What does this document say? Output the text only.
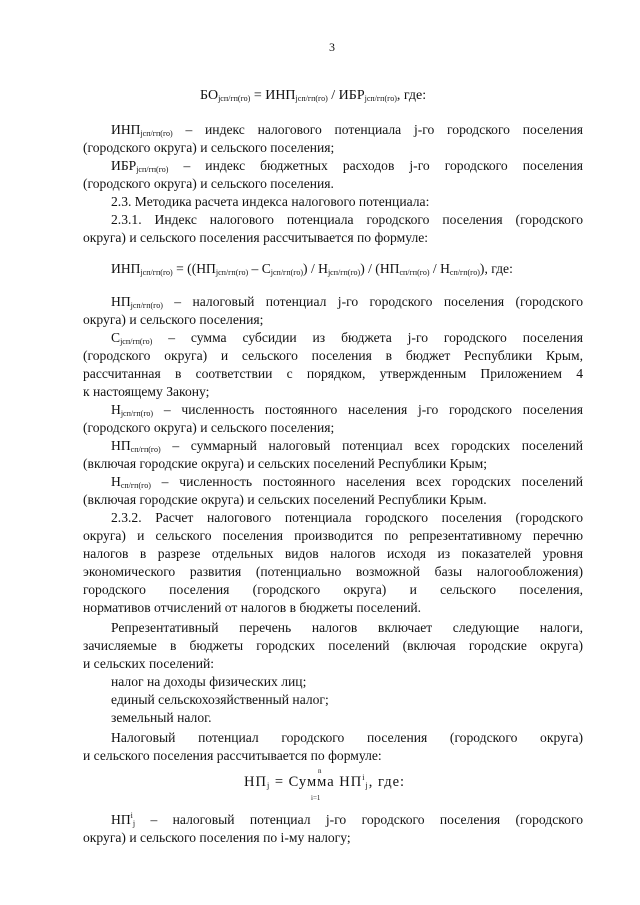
3
$БО_{jсп/гп(го)} = ИНП_{jсп/гп(го)} / ИБР_{jсп/гп(го)}$, где:
$ИНП_{jсп/гп(го)}$ – индекс налогового потенциала j-го городского поселения
(городского округа) и сельского поселения;
$ИБР_{jсп/гп(го)}$ – индекс бюджетных расходов j-го городского поселения
(городского округа) и сельского поселения.
2.3. Методика расчета индекса налогового потенциала:
2.3.1. Индекс налогового потенциала городского поселения (городского
округа) и сельского поселения рассчитывается по формуле:
$ИНП_{jсп/гп(го)} = ((НП_{jсп/гп(го)} - С_{jсп/гп(го)}) / Н_{jсп/гп(го)}) / (НП_{сп/гп(го)} / Н_{сп/гп(го)})$, где:
$НП_{jсп/гп(го)}$ – налоговый потенциал j-го городского поселения (городского
округа) и сельского поселения;
$С_{jсп/гп(го)}$ – сумма субсидии из бюджета j-го городского поселения
(городского округа) и сельского поселения в бюджет Республики Крым,
рассчитанная в соответствии с порядком, утвержденным Приложением 4
к настоящему Закону;
$Н_{jсп/гп(го)}$ – численность постоянного населения j-го городского поселения
(городского округа) и сельского поселения;
$НП_{сп/гп(го)}$ – суммарный налоговый потенциал всех городских поселений
(включая городские округа) и сельских поселений Республики Крым;
$Н_{сп/гп(го)}$ – численность постоянного населения всех городских поселений
(включая городские округа) и сельских поселений Республики Крым.
2.3.2. Расчет налогового потенциала городского поселения (городского
округа) и сельского поселения производится по репрезентативному перечню
налогов в разрезе отдельных видов налогов исходя из показателей уровня
экономического развития (потенциально возможной базы налогообложения)
городского поселения (городского округа) и сельского поселения,
нормативов отчислений от налогов в бюджеты поселений.
Репрезентативный перечень налогов включает следующие налоги,
зачисляемые в бюджеты городских поселений (включая городские округа)
и сельских поселений:
налог на доходы физических лиц;
единый сельскохозяйственный налог;
земельный налог.
Налоговый потенциал городского поселения (городского округа)
и сельского поселения рассчитывается по формуле:
$НП_j$ = Сумма $НП^i_j$, где:
n
i=1
$НП^i_j$ – налоговый потенциал j-го городского поселения (городского
округа) и сельского поселения по i-му налогу;
